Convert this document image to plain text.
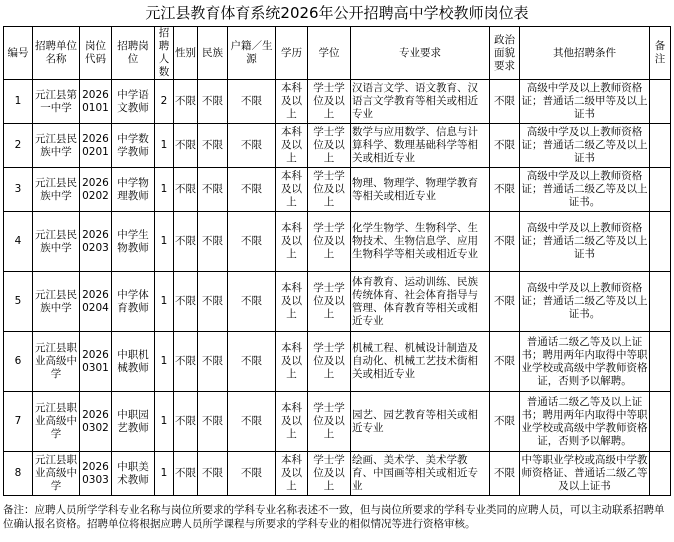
元江县教育体育系统2026年公开招聘高中学校教师岗位表
编号	招聘单位名称	岗位代码	招聘岗位	招聘人数	性别	民族	户籍／生源	学历	学位	专业要求	政治面貌要求	其他招聘条件	备注
1	元江县第一中学	2026 0101	中学语文教师	2	不限	不限	不限	本科及以上	学士学位及以上	汉语言文学、语文教育、汉语言文学教育等相关或相近专业	不限	高级中学及以上教师资格证；普通话二级甲等及以上证书	
2	元江县民族中学	2026 0201	中学数学教师	1	不限	不限	不限	本科及以上	学士学位及以上	数学与应用数学、信息与计算科学、数理基础科学等相关或相近专业	不限	高级中学及以上教师资格证；普通话二级乙等及以上证书	
3	元江县民族中学	2026 0202	中学物理教师	1	不限	不限	不限	本科及以上	学士学位及以上	物理、物理学、物理学教育等相关或相近专业	不限	高级中学及以上教师资格证；普通话二级乙等及以上证书。	
4	元江县民族中学	2026 0203	中学生物教师	1	不限	不限	不限	本科及以上	学士学位及以上	化学生物学、生物科学、生物技术、生物信息学、应用生物科学等相关或相近专业	不限	高级中学及以上教师资格证；普通话二级乙等及以上证书	
5	元江县民族中学	2026 0204	中学体育教师	1	不限	不限	不限	本科及以上	学士学位及以上	体育教育、运动训练、民族传统体育、社会体育指导与管理、体育教育等相关或相近专业	不限	高级中学及以上教师资格证；普通话二级乙等及以上证书。	
6	元江县职业高级中学	2026 0301	中职机械教师	1	不限	不限	不限	本科及以上	学士学位及以上	机械工程、机械设计制造及自动化、机械工艺技术街相关或相近专业	不限	普通话二级乙等及以上证书；聘用两年内取得中等职业学校或高级中学教师资格证，否则予以解聘。	
7	元江县职业高级中学	2026 0302	中职园艺教师	1	不限	不限	不限	本科及以上	学士学位及以上	园艺、园艺教育等相关或相近专业	不限	普通话二级乙等及以上证书；聘用两年内取得中等职业学校或高级中学教师资格证，否则予以解聘。	
8	元江县职业高级中学	2026 0303	中职美术教师	1	不限	不限	不限	本科及以上	学士学位及以上	绘画、美术学、美术学教育、中国画等相关或相近专业	不限	中等职业学校或高级中学教师资格证、普通话二级乙等及以上证书	
备注：应聘人员所学学科专业名称与岗位所要求的学科专业名称表述不一致，但与岗位所要求的学科专业类同的应聘人员，可以主动联系招聘单位确认报名资格。招聘单位将根据应聘人员所学课程与所要求的学科专业的相似情况等进行资格审核。
